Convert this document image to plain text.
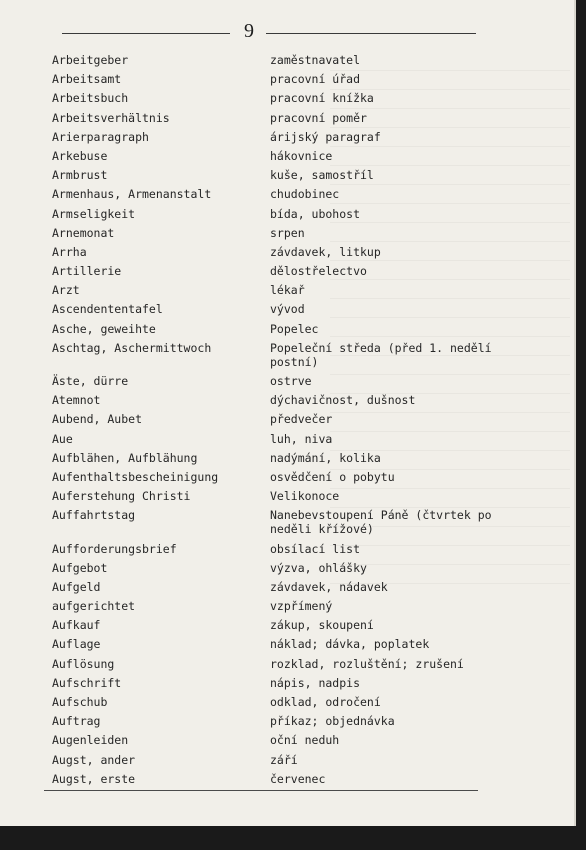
9
Arbeitgeber	zaměstnavatel
Arbeitsamt	pracovní úřad
Arbeitsbuch	pracovní knížka
Arbeitsverhältnis	pracovní poměr
Arierparagraph	árijský paragraf
Arkebuse	hákovnice
Armbrust	kuše, samostříl
Armenhaus, Armenanstalt	chudobinec
Armseligkeit	bída, ubohost
Arnemonat	srpen
Arrha	závdavek, litkup
Artillerie	dělostřelectvo
Arzt	lékař
Ascendententafel	vývod
Asche, geweihte	Popelec
Aschtag, Aschermittwoch	Popeleční středa (před 1. nedělí postní)
Äste, dürre	ostrve
Atemnot	dýchavičnost, dušnost
Aubend, Aubet	předvečer
Aue	luh, niva
Aufblähen, Aufblähung	nadýmání, kolika
Aufenthaltsbescheinigung	osvědčení o pobytu
Auferstehung Christi	Velikonoce
Auffahrtstag	Nanebevstoupení Páně (čtvrtek po neděli křížové)
Aufforderungsbrief	obsílací list
Aufgebot	výzva, ohlášky
Aufgeld	závdavek, nádavek
aufgerichtet	vzpřímený
Aufkauf	zákup, skoupení
Auflage	náklad; dávka, poplatek
Auflösung	rozklad, rozluštění; zrušení
Aufschrift	nápis, nadpis
Aufschub	odklad, odročení
Auftrag	příkaz; objednávka
Augenleiden	oční neduh
Augst, ander	září
Augst, erste	červenec
